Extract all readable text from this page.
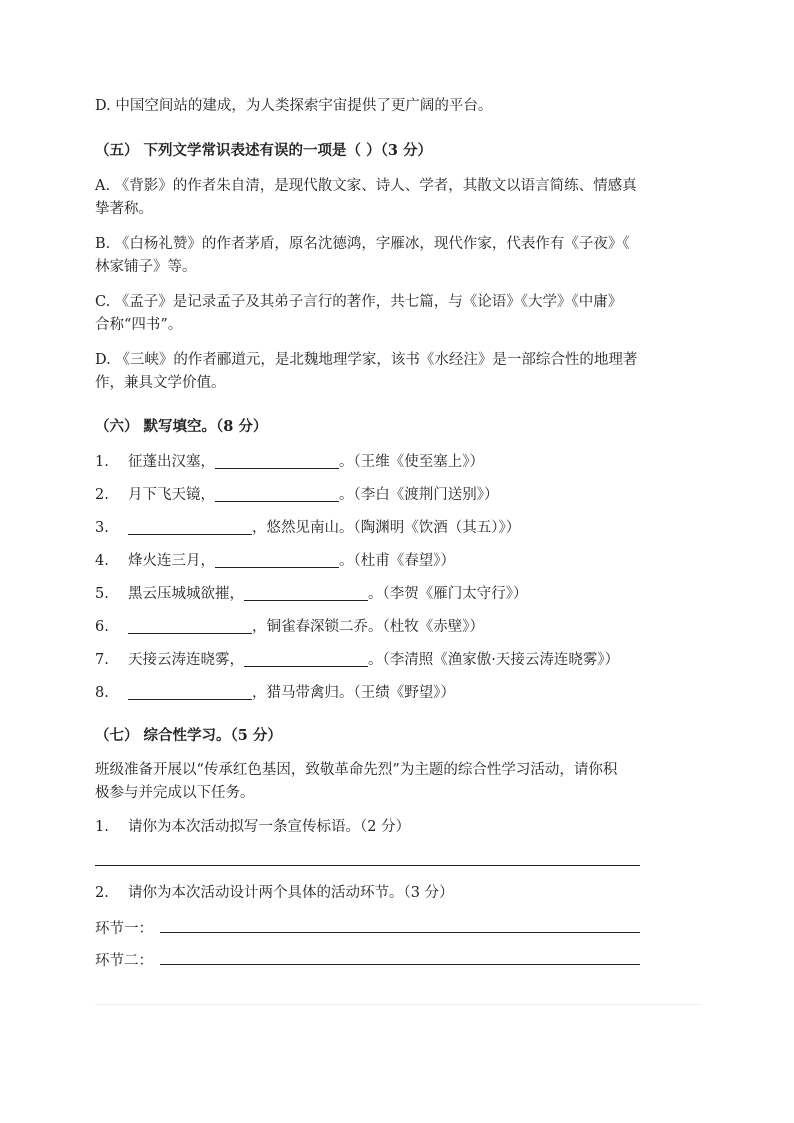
D. 中国空间站的建成，为人类探索宇宙提供了更广阔的平台。
（五） 下列文学常识表述有误的一项是（ ）（3 分）
A. 《背影》的作者朱自清，是现代散文家、诗人、学者，其散文以语言简练、情感真
挚著称。
B. 《白杨礼赞》的作者茅盾，原名沈德鸿，字雁冰，现代作家，代表作有《子夜》《
林家铺子》等。
C. 《孟子》是记录孟子及其弟子言行的著作，共七篇，与《论语》《大学》《中庸》
合称“四书”。
D. 《三峡》的作者郦道元，是北魏地理学家，该书《水经注》是一部综合性的地理著
作，兼具文学价值。
（六） 默写填空。（8 分）
1. 征蓬出汉塞，	。（王维《使至塞上》）
2. 月下飞天镜，	。（李白《渡荆门送别》）
3.	，悠然见南山。（陶渊明《饮酒（其五）》）
4. 烽火连三月，	。（杜甫《春望》）
5. 黑云压城城欲摧，	。（李贺《雁门太守行》）
6.	，铜雀春深锁二乔。（杜牧《赤壁》）
7. 天接云涛连晓雾，	。（李清照《渔家傲·天接云涛连晓雾》）
8.	，猎马带禽归。（王绩《野望》）
（七） 综合性学习。（5 分）
班级准备开展以“传承红色基因，致敬革命先烈”为主题的综合性学习活动，请你积
极参与并完成以下任务。
1. 请你为本次活动拟写一条宣传标语。（2 分）
2. 请你为本次活动设计两个具体的活动环节。（3 分）
环节一：
环节二：
